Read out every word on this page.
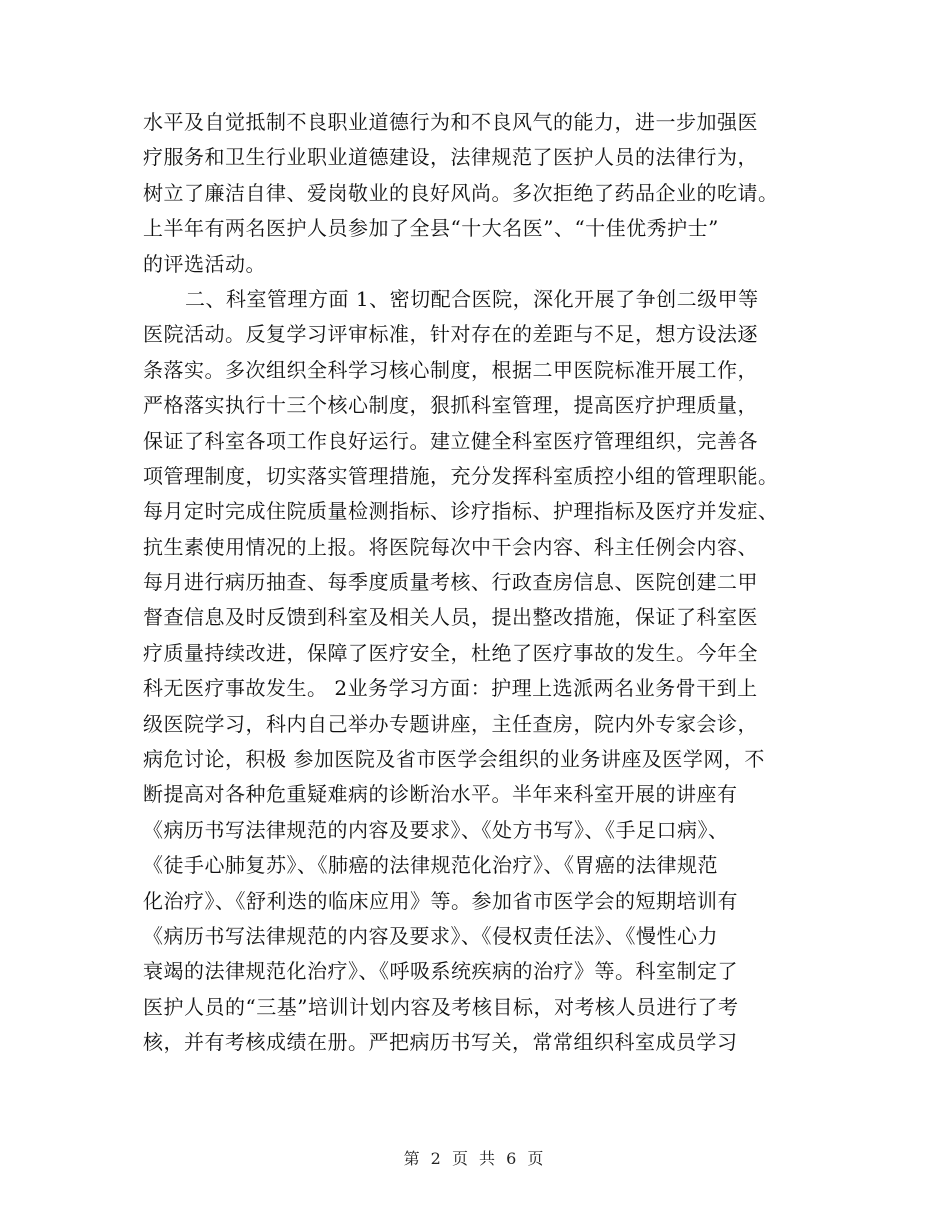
水平及自觉抵制不良职业道德行为和不良风气的能力，进一步加强医
疗服务和卫生行业职业道德建设，法律规范了医护人员的法律行为，
树立了廉洁自律、爱岗敬业的良好风尚。多次拒绝了药品企业的吃请。
上半年有两名医护人员参加了全县“十大名医”、“十佳优秀护士”
的评选活动。
二、科室管理方面 1、密切配合医院，深化开展了争创二级甲等
医院活动。反复学习评审标准，针对存在的差距与不足，想方设法逐
条落实。多次组织全科学习核心制度，根据二甲医院标准开展工作，
严格落实执行十三个核心制度，狠抓科室管理，提高医疗护理质量，
保证了科室各项工作良好运行。建立健全科室医疗管理组织，完善各
项管理制度，切实落实管理措施，充分发挥科室质控小组的管理职能。
每月定时完成住院质量检测指标、诊疗指标、护理指标及医疗并发症、
抗生素使用情况的上报。将医院每次中干会内容、科主任例会内容、
每月进行病历抽查、每季度质量考核、行政查房信息、医院创建二甲
督查信息及时反馈到科室及相关人员，提出整改措施，保证了科室医
疗质量持续改进，保障了医疗安全，杜绝了医疗事故的发生。今年全
科无医疗事故发生。 2业务学习方面：护理上选派两名业务骨干到上
级医院学习，科内自己举办专题讲座，主任查房，院内外专家会诊，
病危讨论，积极 参加医院及省市医学会组织的业务讲座及医学网，不
断提高对各种危重疑难病的诊断治水平。半年来科室开展的讲座有
《病历书写法律规范的内容及要求》、《处方书写》、《手足口病》、
《徒手心肺复苏》、《肺癌的法律规范化治疗》、《胃癌的法律规范
化治疗》、《舒利迭的临床应用》等。参加省市医学会的短期培训有
《病历书写法律规范的内容及要求》、《侵权责任法》、《慢性心力
衰竭的法律规范化治疗》、《呼吸系统疾病的治疗》等。科室制定了
医护人员的“三基”培训计划内容及考核目标，对考核人员进行了考
核，并有考核成绩在册。严把病历书写关，常常组织科室成员学习
第 2 页 共 6 页
